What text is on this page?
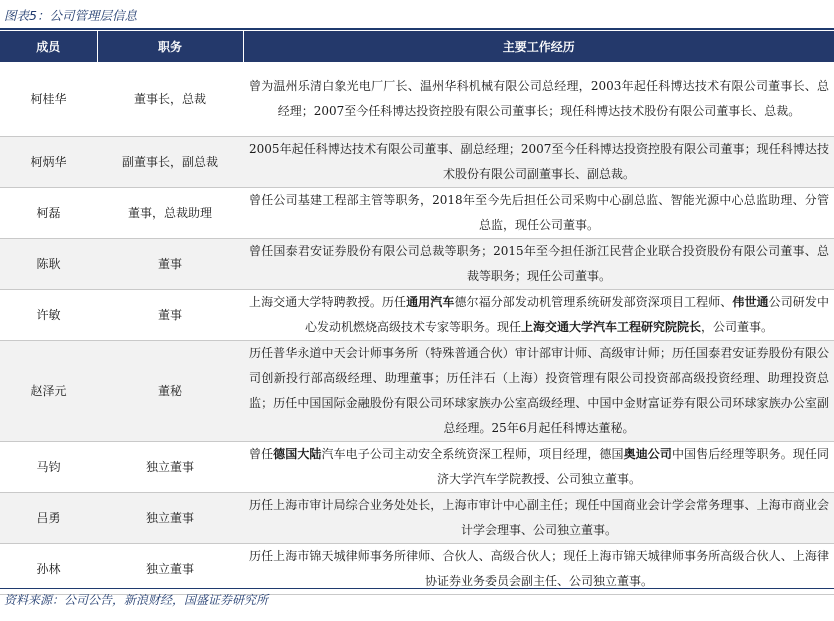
图表5：公司管理层信息
成员	职务	主要工作经历
柯桂华	董事长，总裁	曾为温州乐清白象光电厂厂长、温州华科机械有限公司总经理，2003年起任科博达技术有限公司董事长、总经理；2007至今任科博达投资控股有限公司董事长；现任科博达技术股份有限公司董事长、总裁。
柯炳华	副董事长，副总裁	2005年起任科博达技术有限公司董事、副总经理；2007至今任科博达投资控股有限公司董事；现任科博达技术股份有限公司副董事长、副总裁。
柯磊	董事，总裁助理	曾任公司基建工程部主管等职务，2018年至今先后担任公司采购中心副总监、智能光源中心总监助理、分管总监，现任公司董事。
陈耿	董事	曾任国泰君安证券股份有限公司总裁等职务；2015年至今担任浙江民营企业联合投资股份有限公司董事、总裁等职务；现任公司董事。
许敏	董事	上海交通大学特聘教授。历任通用汽车德尔福分部发动机管理系统研发部资深项目工程师、伟世通公司研发中心发动机燃烧高级技术专家等职务。现任上海交通大学汽车工程研究院院长，公司董事。
赵泽元	董秘	历任普华永道中天会计师事务所（特殊普通合伙）审计部审计师、高级审计师；历任国泰君安证券股份有限公司创新投行部高级经理、助理董事；历任沣石（上海）投资管理有限公司投资部高级投资经理、助理投资总监；历任中国国际金融股份有限公司环球家族办公室高级经理、中国中金财富证券有限公司环球家族办公室副总经理。25年6月起任科博达董秘。
马钧	独立董事	曾任德国大陆汽车电子公司主动安全系统资深工程师，项目经理，德国奥迪公司中国售后经理等职务。现任同济大学汽车学院教授、公司独立董事。
吕勇	独立董事	历任上海市审计局综合业务处处长，上海市审计中心副主任；现任中国商业会计学会常务理事、上海市商业会计学会理事、公司独立董事。
孙林	独立董事	历任上海市锦天城律师事务所律师、合伙人、高级合伙人；现任上海市锦天城律师事务所高级合伙人、上海律协证券业务委员会副主任、公司独立董事。
资料来源：公司公告，新浪财经，国盛证券研究所
